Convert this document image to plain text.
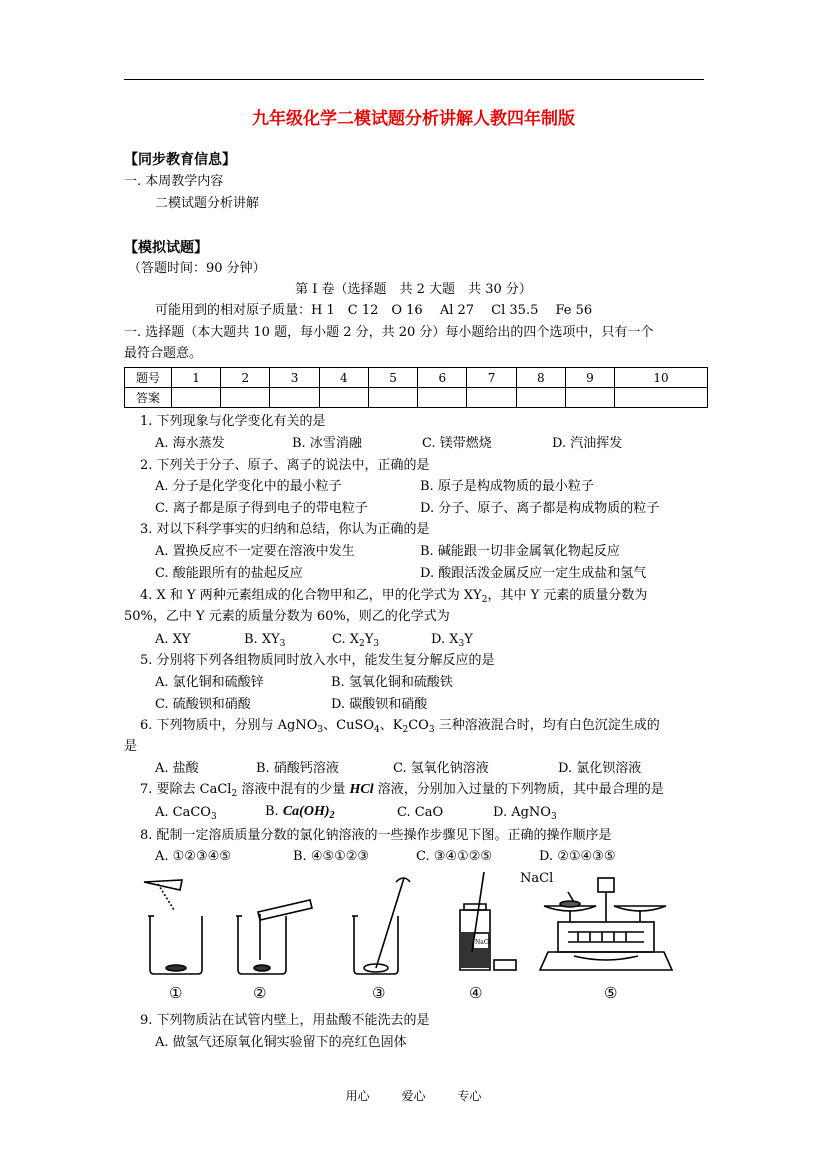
九年级化学二模试题分析讲解人教四年制版
【同步教育信息】
一. 本周教学内容
二模试题分析讲解
【模拟试题】
（答题时间：90 分钟）
第 I 卷（选择题　共 2 大题　共 30 分）
可能用到的相对原子质量：H 1　C 12　O 16　 Al 27　 Cl 35.5　 Fe 56
一. 选择题（本大题共 10 题，每小题 2 分，共 20 分）每小题给出的四个选项中，只有一个
最符合题意。
题号	1	2	3	4	5	6	7	8	9	10
答案										
1. 下列现象与化学变化有关的是
A. 海水蒸发	B. 冰雪消融	C. 镁带燃烧	D. 汽油挥发
2. 下列关于分子、原子、离子的说法中，正确的是
A. 分子是化学变化中的最小粒子	B. 原子是构成物质的最小粒子
C. 离子都是原子得到电子的带电粒子	D. 分子、原子、离子都是构成物质的粒子
3. 对以下科学事实的归纳和总结，你认为正确的是
A. 置换反应不一定要在溶液中发生	B. 碱能跟一切非金属氧化物起反应
C. 酸能跟所有的盐起反应	D. 酸跟活泼金属反应一定生成盐和氢气
4. X 和 Y 两种元素组成的化合物甲和乙，甲的化学式为 $XY_2$，其中 Y 元素的质量分数为
50%，乙中 Y 元素的质量分数为 60%，则乙的化学式为
A. XY	B. $XY_3$	C. $X_2Y_3$	D. $X_3Y$
5. 分别将下列各组物质同时放入水中，能发生复分解反应的是
A. 氯化铜和硫酸锌	B. 氢氧化铜和硫酸铁
C. 硫酸钡和硝酸	D. 碳酸钡和硝酸
6. 下列物质中，分别与 AgNO$_3$、CuSO$_4$、$K_2CO_3$ 三种溶液混合时，均有白色沉淀生成的
是
A. 盐酸	B. 硝酸钙溶液	C. 氢氧化钠溶液	D. 氯化钡溶液
7. 要除去 CaCl$_2$ 溶液中混有的少量 HCl 溶液，分别加入过量的下列物质，其中最合理的是
A. CaCO$_3$	B. $Ca(OH)_2$	C. CaO	D. AgNO$_3$
8. 配制一定溶质质量分数的氯化钠溶液的一些操作步骤见下图。正确的操作顺序是
A. ①②③④⑤	B. ④⑤①②③	C. ③④①②⑤	D. ②①④③⑤
①	②	③
NaCl
④
NaCl
⑤
9. 下列物质沾在试管内壁上，用盐酸不能洗去的是
A. 做氢气还原氧化铜实验留下的亮红色固体
用心	爱心	专心
